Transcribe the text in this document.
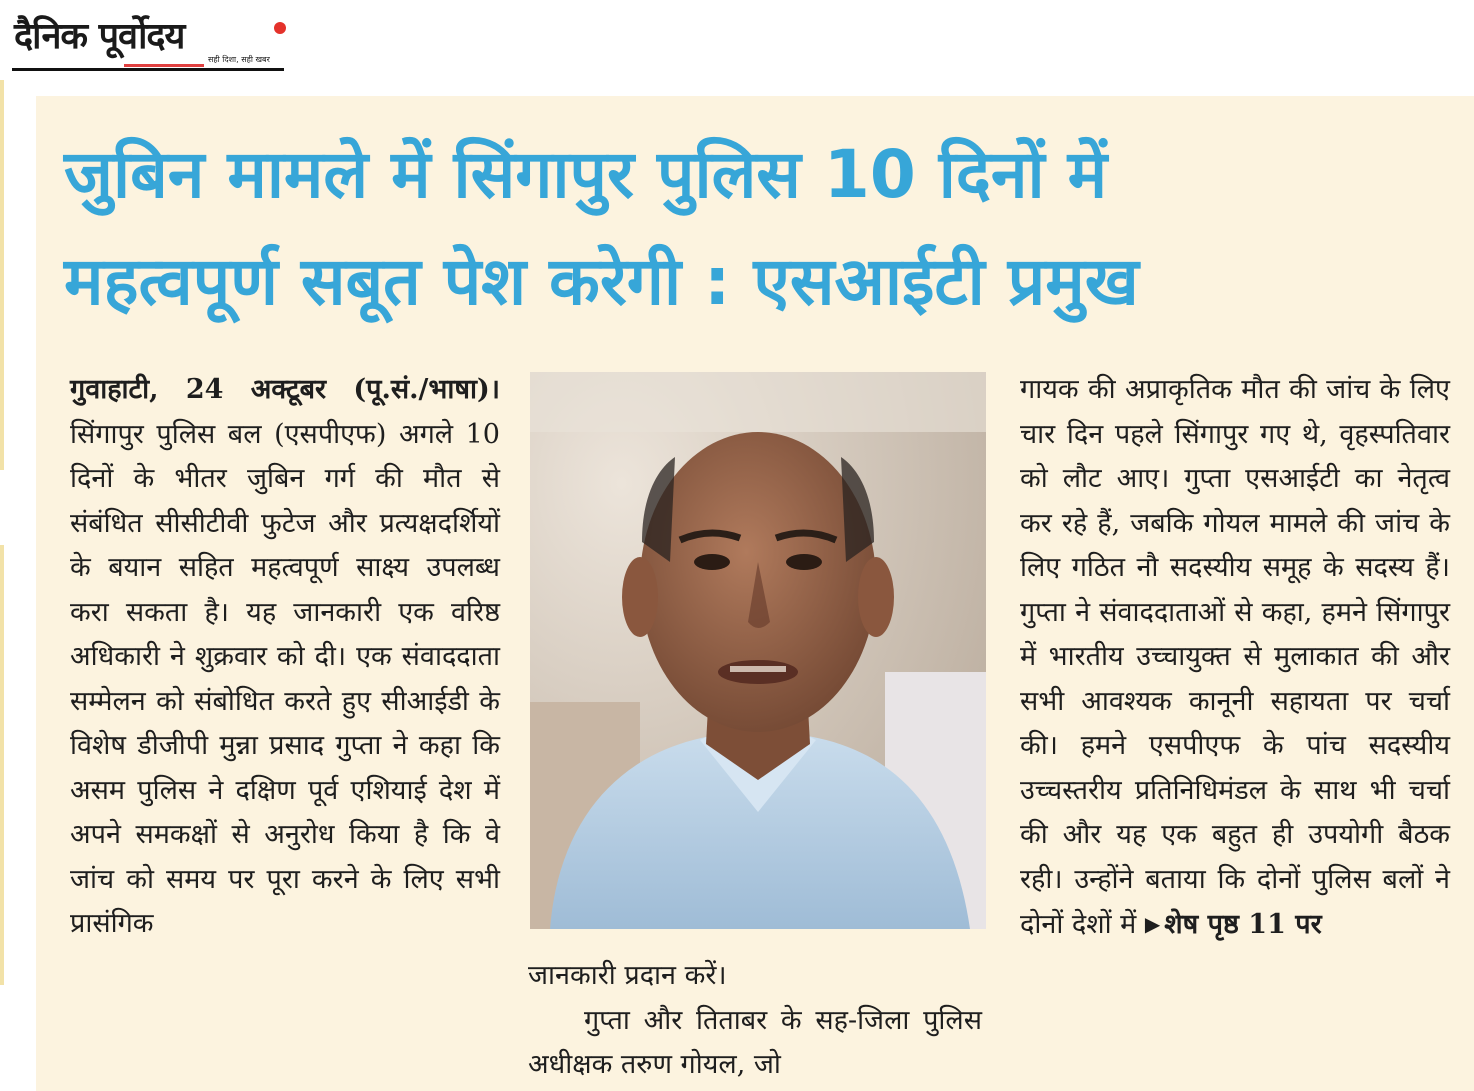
दैनिक पूर्वोदय
सही दिशा, सही खबर
जुबिन मामले में सिंगापुर पुलिस 10 दिनों में
महत्वपूर्ण सबूत पेश करेगी : एसआईटी प्रमुख

गुवाहाटी, 24 अक्टूबर (पू.सं./भाषा)। सिंगापुर पुलिस बल (एसपीएफ) अगले 10 दिनों के भीतर जुबिन गर्ग की मौत से संबंधित सीसीटीवी फुटेज और प्रत्यक्षदर्शियों के बयान सहित महत्वपूर्ण साक्ष्य उपलब्ध करा सकता है। यह जानकारी एक वरिष्ठ अधिकारी ने शुक्रवार को दी। एक संवाददाता सम्मेलन को संबोधित करते हुए सीआईडी के विशेष डीजीपी मुन्ना प्रसाद गुप्ता ने कहा कि असम पुलिस ने दक्षिण पूर्व एशियाई देश में अपने समकक्षों से अनुरोध किया है कि वे जांच को समय पर पूरा करने के लिए सभी प्रासंगिक

जानकारी प्रदान करें।

गुप्ता और तिताबर के सह-जिला पुलिस अधीक्षक तरुण गोयल, जो

गायक की अप्राकृतिक मौत की जांच के लिए चार दिन पहले सिंगापुर गए थे, वृहस्पतिवार को लौट आए। गुप्ता एसआईटी का नेतृत्व कर रहे हैं, जबकि गोयल मामले की जांच के लिए गठित नौ सदस्यीय समूह के सदस्य हैं। गुप्ता ने संवाददाताओं से कहा, हमने सिंगापुर में भारतीय उच्चायुक्त से मुलाकात की और सभी आवश्यक कानूनी सहायता पर चर्चा की। हमने एसपीएफ के पांच सदस्यीय उच्चस्तरीय प्रतिनिधिमंडल के साथ भी चर्चा की और यह एक बहुत ही उपयोगी बैठक रही। उन्होंने बताया कि दोनों पुलिस बलों ने दोनों देशों में ▶ शेष पृष्ठ 11 पर
